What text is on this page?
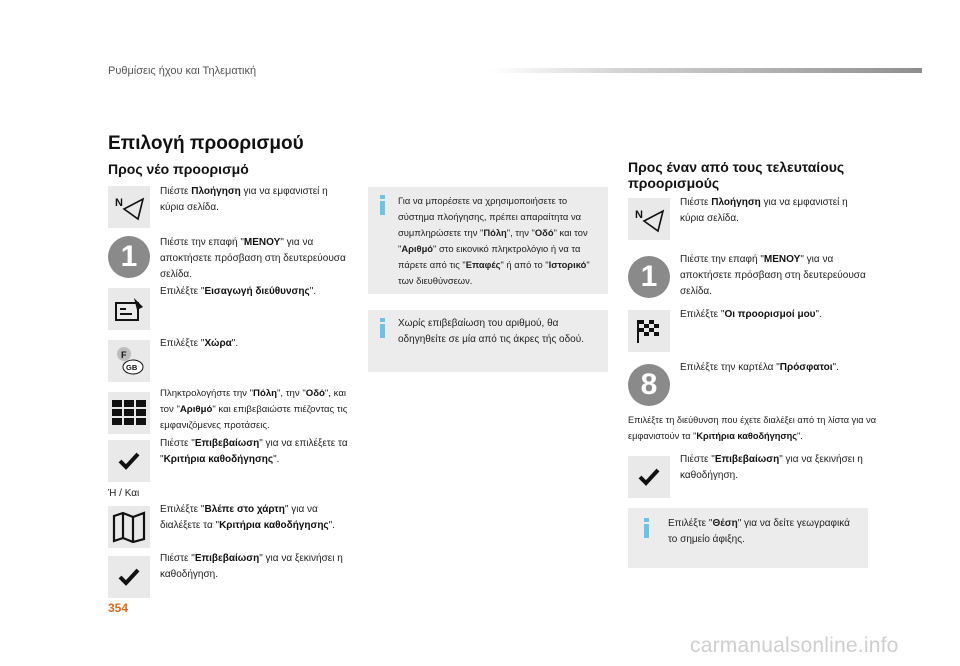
Ρυθμίσεις ήχου και Τηλεματική
Επιλογή προορισμού
Προς νέο προορισμό
N
Πιέστε Πλοήγηση για να εμφανιστεί η κύρια σελίδα.
1	Πιέστε την επαφή "ΜΕΝΟΥ" για να αποκτήσετε πρόσβαση στη δευτερεύουσα σελίδα.
Επιλέξτε "Εισαγωγή διεύθυνσης".
F
GB
Επιλέξτε "Χώρα".
Πληκτρολογήστε την "Πόλη", την "Οδό", και τον "Αριθμό" και επιβεβαιώστε πιέζοντας τις εμφανιζόμενες προτάσεις.
Πιέστε "Επιβεβαίωση" για να επιλέξετε τα "Κριτήρια καθοδήγησης".
Ή / Και
Επιλέξτε "Βλέπε στο χάρτη" για να διαλέξετε τα "Κριτήρια καθοδήγησης".
Πιέστε "Επιβεβαίωση" για να ξεκινήσει η καθοδήγηση.
Για να μπορέσετε να χρησιμοποιήσετε το σύστημα πλοήγησης, πρέπει απαραίτητα να συμπληρώσετε την "Πόλη", την "Οδό" και τον "Αριθμό" στο εικονικό πληκτρολόγιο ή να τα πάρετε από τις "Επαφές" ή από το "Ιστορικό" των διευθύνσεων.
Χωρίς επιβεβαίωση του αριθμού, θα οδηγηθείτε σε μία από τις άκρες τής οδού.
Προς έναν από τους τελευταίους προορισμούς
N
Πιέστε Πλοήγηση για να εμφανιστεί η κύρια σελίδα.
1
Πιέστε την επαφή "ΜΕΝΟΥ" για να αποκτήσετε πρόσβαση στη δευτερεύουσα σελίδα.
Επιλέξτε "Οι προορισμοί μου".
8
Επιλέξτε την καρτέλα "Πρόσφατοι".
Επιλέξτε τη διεύθυνση που έχετε διαλέξει από τη λίστα για να εμφανιστούν τα "Κριτήρια καθοδήγησης".
Πιέστε "Επιβεβαίωση" για να ξεκινήσει η καθοδήγηση.
Επιλέξτε "Θέση" για να δείτε γεωγραφικά το σημείο άφιξης.
354
carmanualsonline.info
